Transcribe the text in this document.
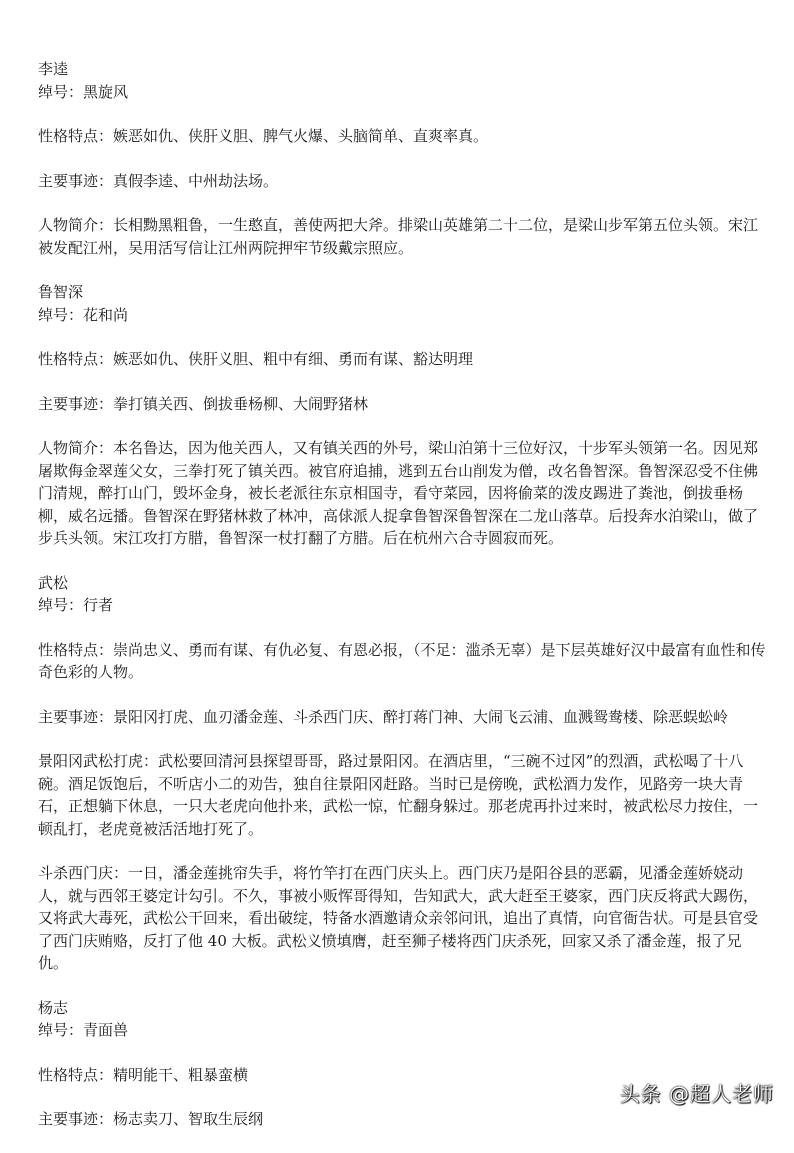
李逵
绰号：黑旋风
性格特点：嫉恶如仇、侠肝义胆、脾气火爆、头脑简单、直爽率真。
主要事迹：真假李逵、中州劫法场。
人物简介：长相黝黑粗鲁，一生憨直，善使两把大斧。排梁山英雄第二十二位，是梁山步军第五位头领。宋江被发配江州，吴用活写信让江州两院押牢节级戴宗照应。
鲁智深
绰号：花和尚
性格特点：嫉恶如仇、侠肝义胆、粗中有细、勇而有谋、豁达明理
主要事迹：拳打镇关西、倒拔垂杨柳、大闹野猪林
人物简介：本名鲁达，因为他关西人，又有镇关西的外号，梁山泊第十三位好汉，十步军头领第一名。因见郑屠欺侮金翠莲父女，三拳打死了镇关西。被官府追捕，逃到五台山削发为僧，改名鲁智深。鲁智深忍受不住佛门清规，醉打山门，毁坏金身，被长老派往东京相国寺，看守菜园，因将偷菜的泼皮踢进了粪池，倒拔垂杨柳，威名远播。鲁智深在野猪林救了林冲，高俅派人捉拿鲁智深鲁智深在二龙山落草。后投奔水泊梁山，做了步兵头领。宋江攻打方腊，鲁智深一杖打翻了方腊。后在杭州六合寺圆寂而死。
武松
绰号：行者
性格特点：崇尚忠义、勇而有谋、有仇必复、有恩必报，（不足：滥杀无辜）是下层英雄好汉中最富有血性和传奇色彩的人物。
主要事迹：景阳冈打虎、血刃潘金莲、斗杀西门庆、醉打蒋门神、大闹飞云浦、血溅鸳鸯楼、除恶蜈蚣岭
景阳冈武松打虎：武松要回清河县探望哥哥，路过景阳冈。在酒店里，“三碗不过冈”的烈酒，武松喝了十八碗。酒足饭饱后，不听店小二的劝告，独自往景阳冈赶路。当时已是傍晚，武松酒力发作，见路旁一块大青石，正想躺下休息，一只大老虎向他扑来，武松一惊，忙翻身躲过。那老虎再扑过来时，被武松尽力按住，一顿乱打，老虎竟被活活地打死了。
斗杀西门庆：一日，潘金莲挑帘失手，将竹竿打在西门庆头上。西门庆乃是阳谷县的恶霸，见潘金莲娇娆动人，就与西邻王婆定计勾引。不久，事被小贩恽哥得知，告知武大，武大赶至王婆家，西门庆反将武大踢伤，又将武大毒死，武松公干回来，看出破绽，特备水酒邀请众亲邻问讯，追出了真情，向官衙告状。可是县官受了西门庆贿赂，反打了他 40 大板。武松义愤填膺，赶至狮子楼将西门庆杀死，回家又杀了潘金莲，报了兄仇。
杨志
绰号：青面兽
性格特点：精明能干、粗暴蛮横
主要事迹：杨志卖刀、智取生辰纲
头条 @超人老师
